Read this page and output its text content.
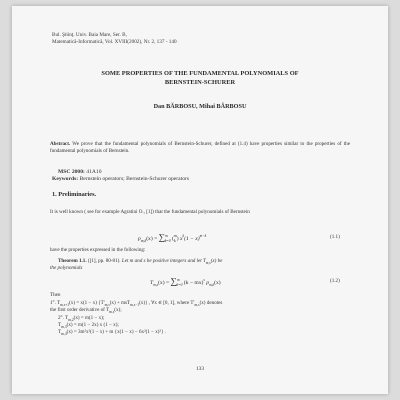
Bul. Ştiinţ. Univ. Baia Mare, Ser. B,
Matematică-Informatică, Vol. XVIII(2002), Nr. 2, 137 - 140
SOME PROPERTIES OF THE FUNDAMENTAL POLYNOMIALS OF
BERNSTEIN-SCHURER
Dan BĂRBOSU, Mihai BĂRBOSU
Abstract. We prove that the fundamental polynomials of Bernstein-Schurer, defined at (1.4) have properties similar to the properties of the fundamental polynomials of Bernstein.
MSC 2000: 41A10
Keywords: Bernstein operators; Bernstein-Schurer operators
1. Preliminaries.
It is well known ( see for example Agratini O., [1]) that the fundamental polynomials of Bernstein
$p_{m,k}(x) = \sum^m_{k=0}$ (
m
k ) $x^k(1 - x)^{m-k}$	(1.1)
have the properties expressed in the following:
Theorem 1.1. ([1], pp. 80-81). Let m and s be positive integers and let $T_{m,s}(x)$ be
the polynomials
$T_{m,s}(x) = \sum^m_{k=0}$ (k − mx)$^s$ $p_{m,k}(x)$	(1.2)
Then
1°. $T_{m,s+1}(x) = x(1 - x) \{T'_{m,s}(x) + msT_{m,s-1}(x)\}$ , ∀x ∈ [0, 1], where $T'_{m,s}(x)$ denotes
the first order derivative of $T_{m,s}(x)$;
2°. $T_{m,2}(x) = m(1 - x)$;
$T_{m,3}(x) = m(1 - 2x)$ x (1 − x);
$T_{m,4}(x) = 3m^2x^2(1 - x) + m$ {x(1 − x) − 6x²(1 − x)²} .
133
